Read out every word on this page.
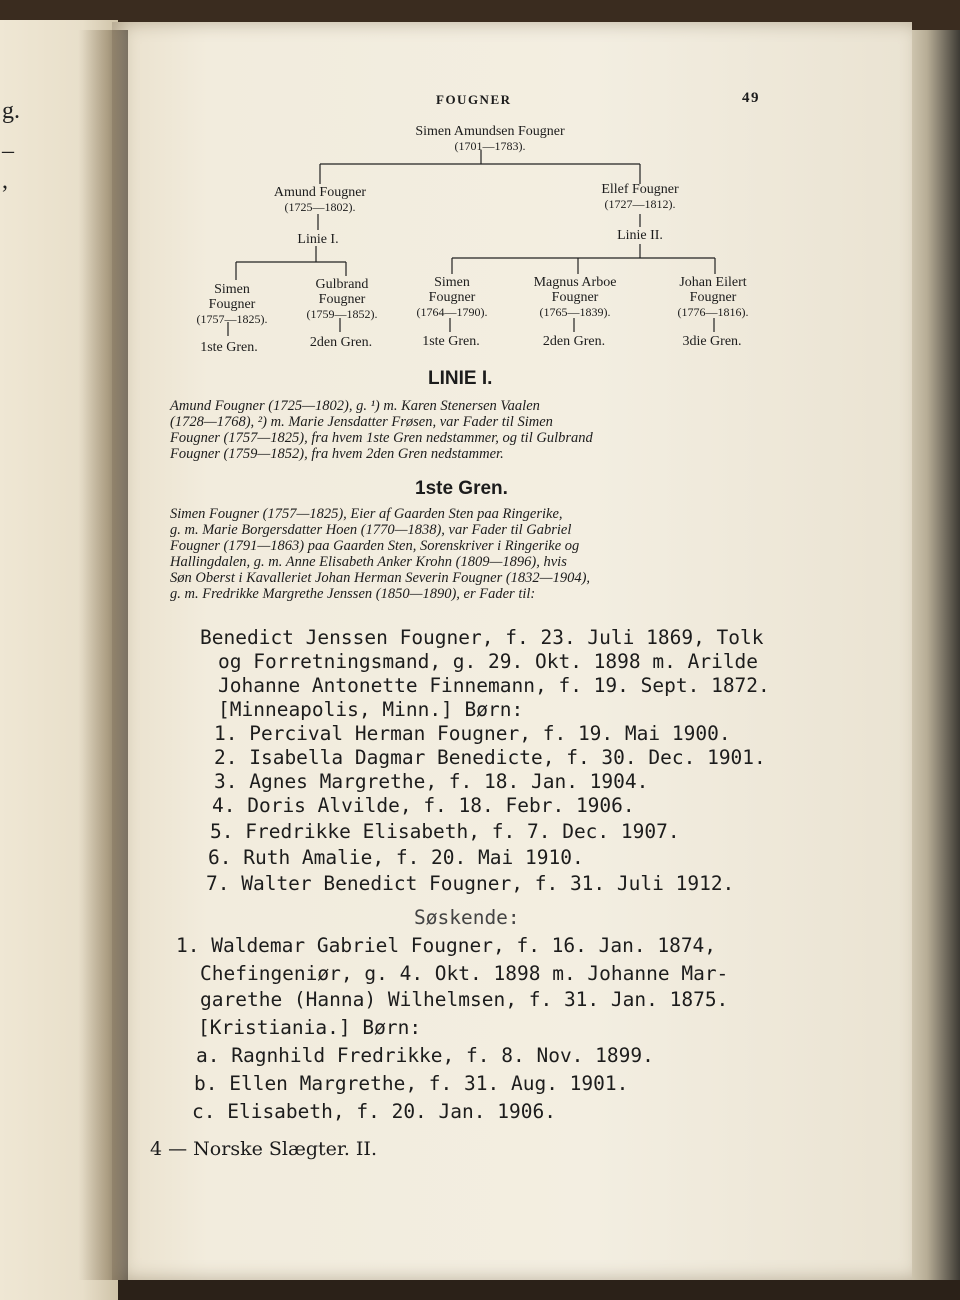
g.
–
,
FOUGNER	49
Simen Amundsen Fougner
(1701—1783).
Amund Fougner
(1725—1802).
Ellef Fougner
(1727—1812).
Linie I.	Linie II.
Simen
Fougner
(1757—1825).
Gulbrand
Fougner
(1759—1852).
Simen
Fougner
(1764—1790).
Magnus Arboe
Fougner
(1765—1839).
Johan Eilert
Fougner
(1776—1816).
1ste Gren.	2den Gren.	1ste Gren.	2den Gren.	3die Gren.
LINIE I.
Amund Fougner (1725—1802), g. ¹) m. Karen Stenersen Vaalen
(1728—1768), ²) m. Marie Jensdatter Frøsen, var Fader til Simen
Fougner (1757—1825), fra hvem 1ste Gren nedstammer, og til Gulbrand
Fougner (1759—1852), fra hvem 2den Gren nedstammer.
1ste Gren.
Simen Fougner (1757—1825), Eier af Gaarden Sten paa Ringerike,
g. m. Marie Borgersdatter Hoen (1770—1838), var Fader til Gabriel
Fougner (1791—1863) paa Gaarden Sten, Sorenskriver i Ringerike og
Hallingdalen, g. m. Anne Elisabeth Anker Krohn (1809—1896), hvis
Søn Oberst i Kavalleriet Johan Herman Severin Fougner (1832—1904),
g. m. Fredrikke Margrethe Jenssen (1850—1890), er Fader til:
Benedict Jenssen Fougner, f. 23. Juli 1869, Tolk
og Forretningsmand, g. 29. Okt. 1898 m. Arilde
Johanne Antonette Finnemann, f. 19. Sept. 1872.
[Minneapolis, Minn.] Børn:
1. Percival Herman Fougner, f. 19. Mai 1900.
2. Isabella Dagmar Benedicte, f. 30. Dec. 1901.
3. Agnes Margrethe, f. 18. Jan. 1904.
4. Doris Alvilde, f. 18. Febr. 1906.
5. Fredrikke Elisabeth, f. 7. Dec. 1907.
6. Ruth Amalie, f. 20. Mai 1910.
7. Walter Benedict Fougner, f. 31. Juli 1912.
Søskende:
1. Waldemar Gabriel Fougner, f. 16. Jan. 1874,
Chefingeniør, g. 4. Okt. 1898 m. Johanne Mar-
garethe (Hanna) Wilhelmsen, f. 31. Jan. 1875.
[Kristiania.] Børn:
a. Ragnhild Fredrikke, f. 8. Nov. 1899.
b. Ellen Margrethe, f. 31. Aug. 1901.
c. Elisabeth, f. 20. Jan. 1906.
4 — Norske Slægter. II.
